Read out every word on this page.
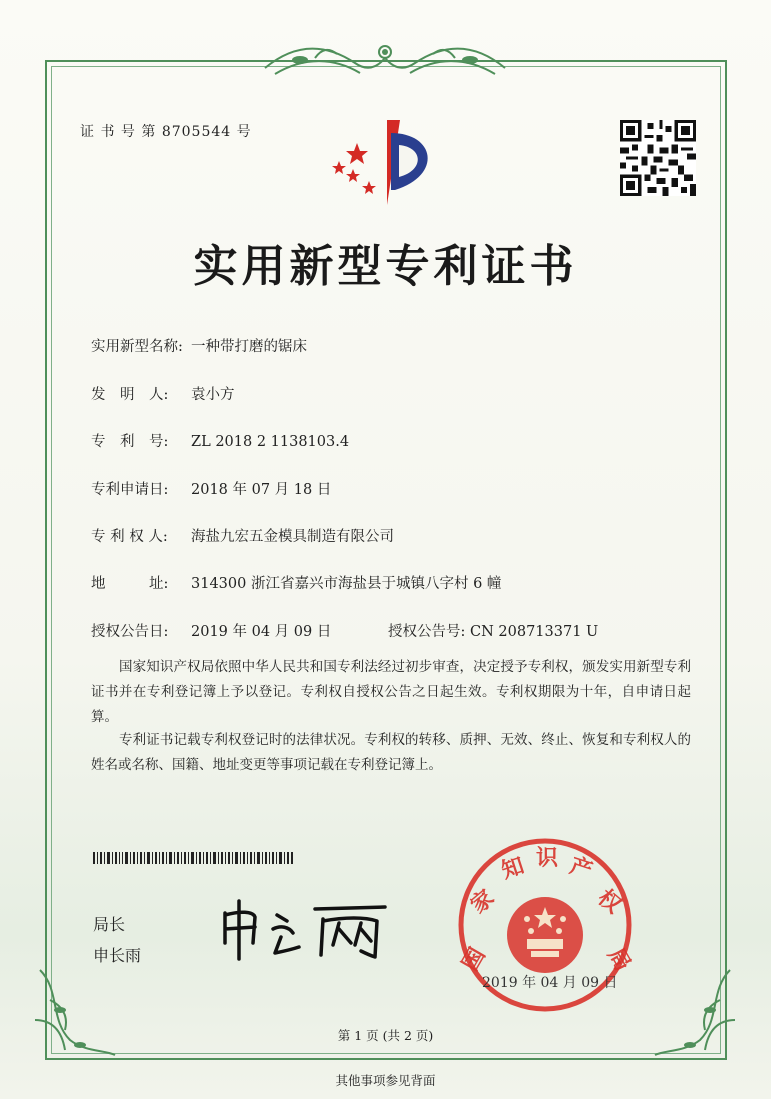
证 书 号 第 8705544 号
实用新型专利证书
实用新型名称: 一种带打磨的锯床
发　明　人: 袁小方
专　利　号: ZL 2018 2 1138103.4
专利申请日: 2018 年 07 月 18 日
专 利 权 人: 海盐九宏五金模具制造有限公司
地　　　址: 314300 浙江省嘉兴市海盐县于城镇八字村 6 幢
授权公告日: 2019 年 04 月 09 日	授权公告号: CN 208713371 U
国家知识产权局依照中华人民共和国专利法经过初步审查，决定授予专利权，颁发实用新型专利证书并在专利登记簿上予以登记。专利权自授权公告之日起生效。专利权期限为十年，自申请日起算。
专利证书记载专利权登记时的法律状况。专利权的转移、质押、无效、终止、恢复和专利权人的姓名或名称、国籍、地址变更等事项记载在专利登记簿上。
局长
申长雨	国
家
知 识 产
权
局
2019 年 04 月 09 日
第 1 页 (共 2 页)
其他事项参见背面
